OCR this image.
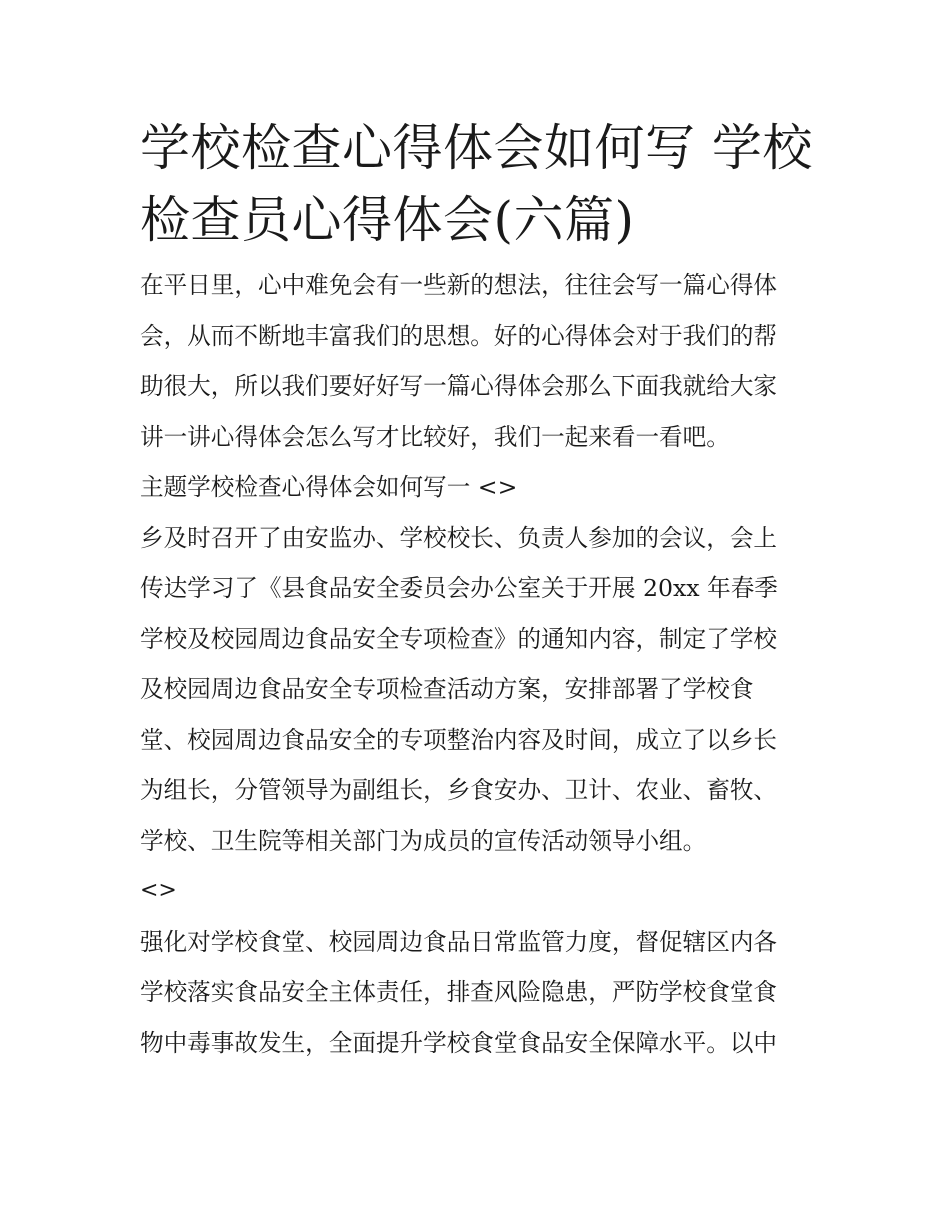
学校检查心得体会如何写 学校
检查员心得体会(六篇)
在平日里，心中难免会有一些新的想法，往往会写一篇心得体
会，从而不断地丰富我们的思想。好的心得体会对于我们的帮
助很大，所以我们要好好写一篇心得体会那么下面我就给大家
讲一讲心得体会怎么写才比较好，我们一起来看一看吧。
主题学校检查心得体会如何写一 <>
乡及时召开了由安监办、学校校长、负责人参加的会议，会上
传达学习了《县食品安全委员会办公室关于开展 20xx 年春季
学校及校园周边食品安全专项检查》的通知内容，制定了学校
及校园周边食品安全专项检查活动方案，安排部署了学校食
堂、校园周边食品安全的专项整治内容及时间，成立了以乡长
为组长，分管领导为副组长，乡食安办、卫计、农业、畜牧、
学校、卫生院等相关部门为成员的宣传活动领导小组。
<>
强化对学校食堂、校园周边食品日常监管力度，督促辖区内各
学校落实食品安全主体责任，排查风险隐患，严防学校食堂食
物中毒事故发生，全面提升学校食堂食品安全保障水平。以中
